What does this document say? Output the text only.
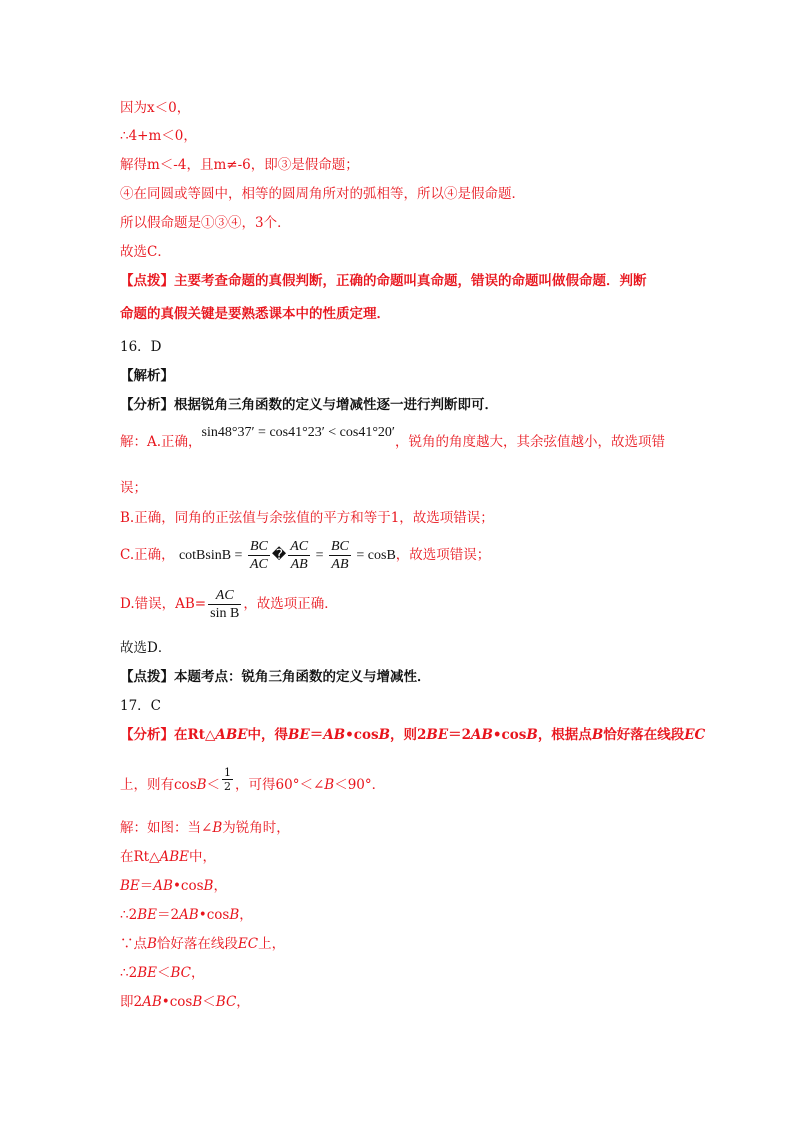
因为x＜0，
∴4+m＜0，
解得m＜-4，且m≠-6，即③是假命题；
④在同圆或等圆中，相等的圆周角所对的弧相等，所以④是假命题．
所以假命题是①③④，3个．
故选C．
【点拨】主要考查命题的真假判断，正确的命题叫真命题，错误的命题叫做假命题．判断
命题的真假关键是要熟悉课本中的性质定理．
16．D
【解析】
【分析】根据锐角三角函数的定义与增减性逐一进行判断即可．
解：A.正确，sin48°37′ = cos41°23′ < cos41°20′，锐角的角度越大，其余弦值越小，故选项错
误；
B.正确，同角的正弦值与余弦值的平方和等于1，故选项错误；
C.正确， cotBsinB = $\frac{BC}{AC}$ � $\frac{AC}{AB} = \frac{BC}{AB} = \cos B$，故选项错误；
D.错误，$AB= \frac{AC}{\text{sin B}}$ ，故选项正确．
故选D．
【点拨】本题考点：锐角三角函数的定义与增减性．
17．C
【分析】在Rt△ABE中，得BE＝AB•cosB，则2BE＝2AB•cosB，根据点B恰好落在线段EC
上，则有$\cos B< \frac{1}{2}$ ，可得60°＜∠B＜90°．
解：如图：当∠B为锐角时，
在Rt△ABE中，
BE＝AB•cosB，
∴2BE＝2AB•cosB，
∵点B恰好落在线段EC上，
∴2BE＜BC，
即2AB•cosB＜BC，
